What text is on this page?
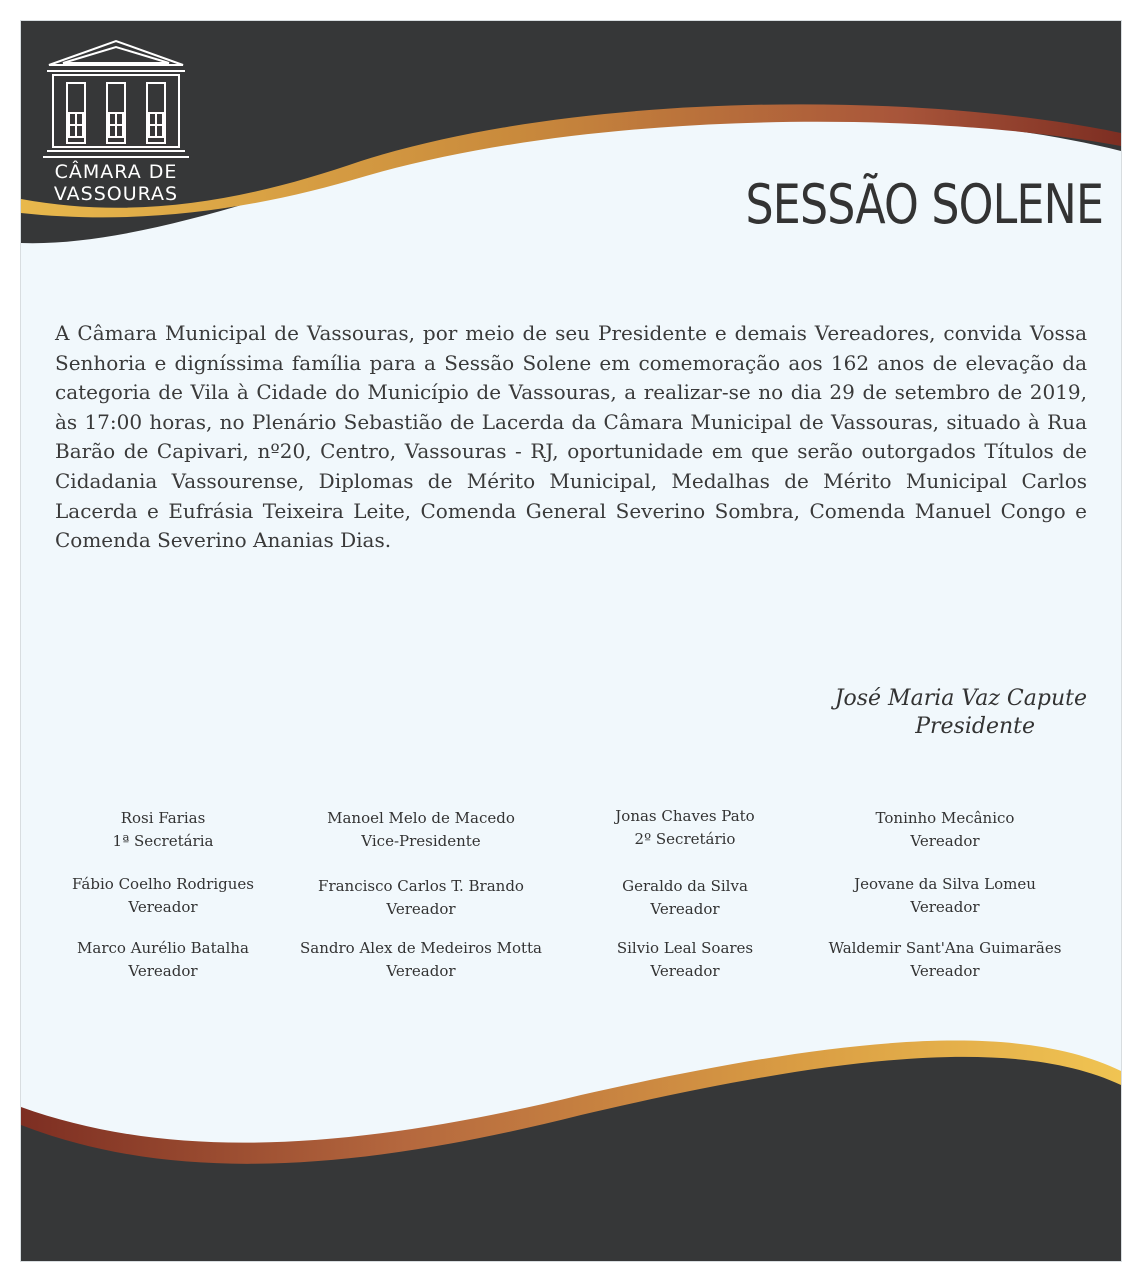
CÂMARA DE
VASSOURAS	SESSÃO SOLENE

A Câmara Municipal de Vassouras, por meio de seu Presidente e demais Vereadores, convida Vossa Senhoria e digníssima família para a Sessão Solene em comemoração aos 162 anos de elevação da categoria de Vila à Cidade do Município de Vassouras, a realizar-se no dia 29 de setembro de 2019, às 17:00 horas, no Plenário Sebastião de Lacerda da Câmara Municipal de Vassouras, situado à Rua Barão de Capivari, nº20, Centro, Vassouras - RJ, oportunidade em que serão outorgados Títulos de Cidadania Vassourense, Diplomas de Mérito Municipal, Medalhas de Mérito Municipal Carlos Lacerda e Eufrásia Teixeira Leite, Comenda General Severino Sombra, Comenda Manuel Congo e Comenda Severino Ananias Dias.

José Maria Vaz Capute
Presidente
Rosi Farias
1ª Secretária
Manoel Melo de Macedo
Vice-Presidente
Jonas Chaves Pato
2º Secretário
Toninho Mecânico
Vereador
Fábio Coelho Rodrigues
Vereador
Francisco Carlos T. Brando
Vereador
Geraldo da Silva
Vereador
Jeovane da Silva Lomeu
Vereador
Marco Aurélio Batalha
Vereador
Sandro Alex de Medeiros Motta
Vereador
Silvio Leal Soares
Vereador
Waldemir Sant'Ana Guimarães
Vereador
